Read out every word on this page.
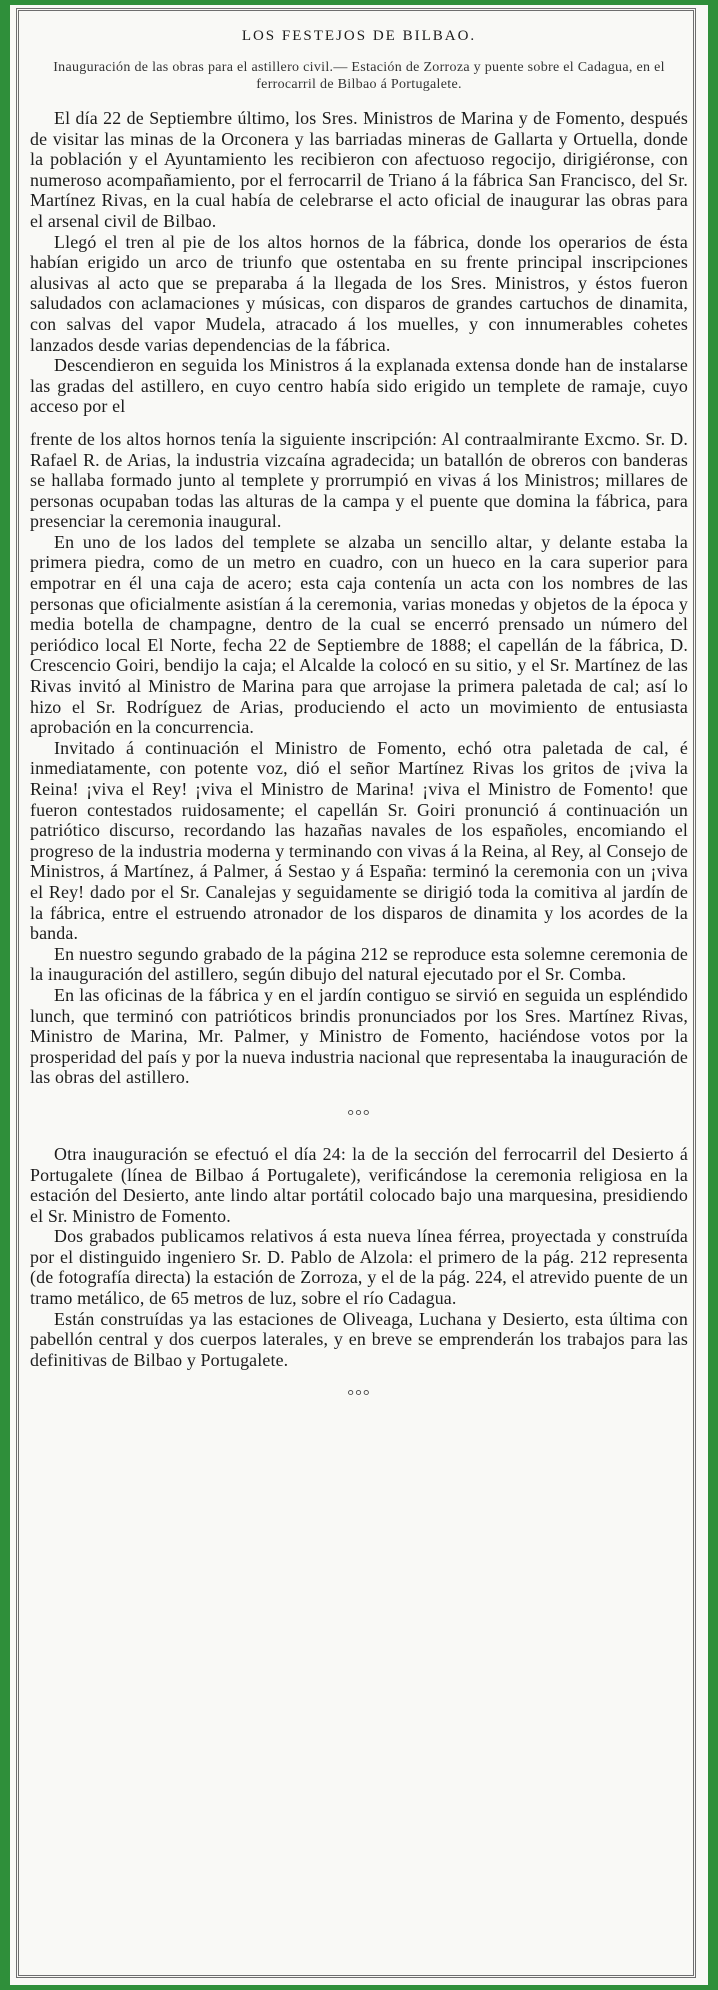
LOS FESTEJOS DE BILBAO.
Inauguración de las obras para el astillero civil.— Estación de Zorroza y puente sobre el Cadagua, en el ferrocarril de Bilbao á Portugalete.

El día 22 de Septiembre último, los Sres. Ministros de Marina y de Fomento, después de visitar las minas de la Orconera y las barriadas mineras de Gallarta y Ortuella, donde la población y el Ayuntamiento les recibieron con afectuoso regocijo, dirigiéronse, con numeroso acompañamiento, por el ferrocarril de Triano á la fábrica San Francisco, del Sr. Martínez Rivas, en la cual había de celebrarse el acto oficial de inaugurar las obras para el arsenal civil de Bilbao.

Llegó el tren al pie de los altos hornos de la fábrica, donde los operarios de ésta habían erigido un arco de triunfo que ostentaba en su frente principal inscripciones alusivas al acto que se preparaba á la llegada de los Sres. Ministros, y éstos fueron saludados con aclamaciones y músicas, con disparos de grandes cartuchos de dinamita, con salvas del vapor Mudela, atracado á los muelles, y con innumerables cohetes lanzados desde varias dependencias de la fábrica.

Descendieron en seguida los Ministros á la explanada extensa donde han de instalarse las gradas del astillero, en cuyo centro había sido erigido un templete de ramaje, cuyo acceso por el

frente de los altos hornos tenía la siguiente inscripción: Al contraalmirante Excmo. Sr. D. Rafael R. de Arias, la industria vizcaína agradecida; un batallón de obreros con banderas se hallaba formado junto al templete y prorrumpió en vivas á los Ministros; millares de personas ocupaban todas las alturas de la campa y el puente que domina la fábrica, para presenciar la ceremonia inaugural.

En uno de los lados del templete se alzaba un sencillo altar, y delante estaba la primera piedra, como de un metro en cuadro, con un hueco en la cara superior para empotrar en él una caja de acero; esta caja contenía un acta con los nombres de las personas que oficialmente asistían á la ceremonia, varias monedas y objetos de la época y media botella de champagne, dentro de la cual se encerró prensado un número del periódico local El Norte, fecha 22 de Septiembre de 1888; el capellán de la fábrica, D. Crescencio Goiri, bendijo la caja; el Alcalde la colocó en su sitio, y el Sr. Martínez de las Rivas invitó al Ministro de Marina para que arrojase la primera paletada de cal; así lo hizo el Sr. Rodríguez de Arias, produciendo el acto un movimiento de entusiasta aprobación en la concurrencia.

Invitado á continuación el Ministro de Fomento, echó otra paletada de cal, é inmediatamente, con potente voz, dió el señor Martínez Rivas los gritos de ¡viva la Reina! ¡viva el Rey! ¡viva el Ministro de Marina! ¡viva el Ministro de Fomento! que fueron contestados ruidosamente; el capellán Sr. Goiri pronunció á continuación un patriótico discurso, recordando las hazañas navales de los españoles, encomiando el progreso de la industria moderna y terminando con vivas á la Reina, al Rey, al Consejo de Ministros, á Martínez, á Palmer, á Sestao y á España: terminó la ceremonia con un ¡viva el Rey! dado por el Sr. Canalejas y seguidamente se dirigió toda la comitiva al jardín de la fábrica, entre el estruendo atronador de los disparos de dinamita y los acordes de la banda.

En nuestro segundo grabado de la página 212 se reproduce esta solemne ceremonia de la inauguración del astillero, según dibujo del natural ejecutado por el Sr. Comba.

En las oficinas de la fábrica y en el jardín contiguo se sirvió en seguida un espléndido lunch, que terminó con patrióticos brindis pronunciados por los Sres. Martínez Rivas, Ministro de Marina, Mr. Palmer, y Ministro de Fomento, haciéndose votos por la prosperidad del país y por la nueva industria nacional que representaba la inauguración de las obras del astillero.

°°°

Otra inauguración se efectuó el día 24: la de la sección del ferrocarril del Desierto á Portugalete (línea de Bilbao á Portugalete), verificándose la ceremonia religiosa en la estación del Desierto, ante lindo altar portátil colocado bajo una marquesina, presidiendo el Sr. Ministro de Fomento.

Dos grabados publicamos relativos á esta nueva línea férrea, proyectada y construída por el distinguido ingeniero Sr. D. Pablo de Alzola: el primero de la pág. 212 representa (de fotografía directa) la estación de Zorroza, y el de la pág. 224, el atrevido puente de un tramo metálico, de 65 metros de luz, sobre el río Cadagua.

Están construídas ya las estaciones de Oliveaga, Luchana y Desierto, esta última con pabellón central y dos cuerpos laterales, y en breve se emprenderán los trabajos para las definitivas de Bilbao y Portugalete.

°°°
